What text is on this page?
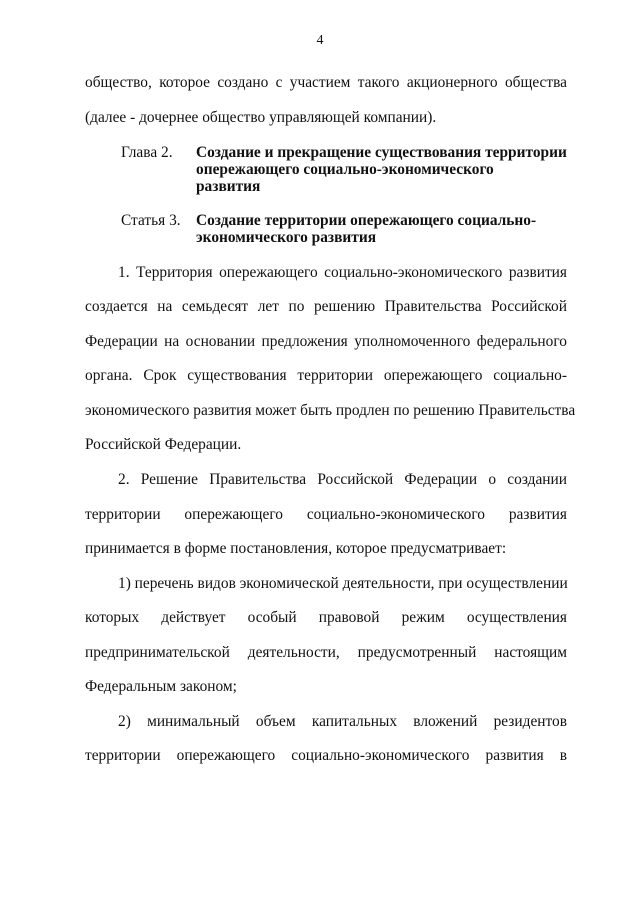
4
общество, которое создано с участием такого акционерного общества
(далее - дочернее общество управляющей компании).
Глава 2. Создание и прекращение существования территории
опережающего социально-экономического
развития
Статья 3. Создание территории опережающего социально-
экономического развития
1. Территория опережающего социально-экономического развития
создается на семьдесят лет по решению Правительства Российской
Федерации на основании предложения уполномоченного федерального
органа. Срок существования территории опережающего социально-
экономического развития может быть продлен по решению Правительства
Российской Федерации.
2. Решение Правительства Российской Федерации о создании
территории опережающего социально-экономического развития
принимается в форме постановления, которое предусматривает:
1) перечень видов экономической деятельности, при осуществлении
которых действует особый правовой режим осуществления
предпринимательской деятельности, предусмотренный настоящим
Федеральным законом;
2) минимальный объем капитальных вложений резидентов
территории опережающего социально-экономического развития в
